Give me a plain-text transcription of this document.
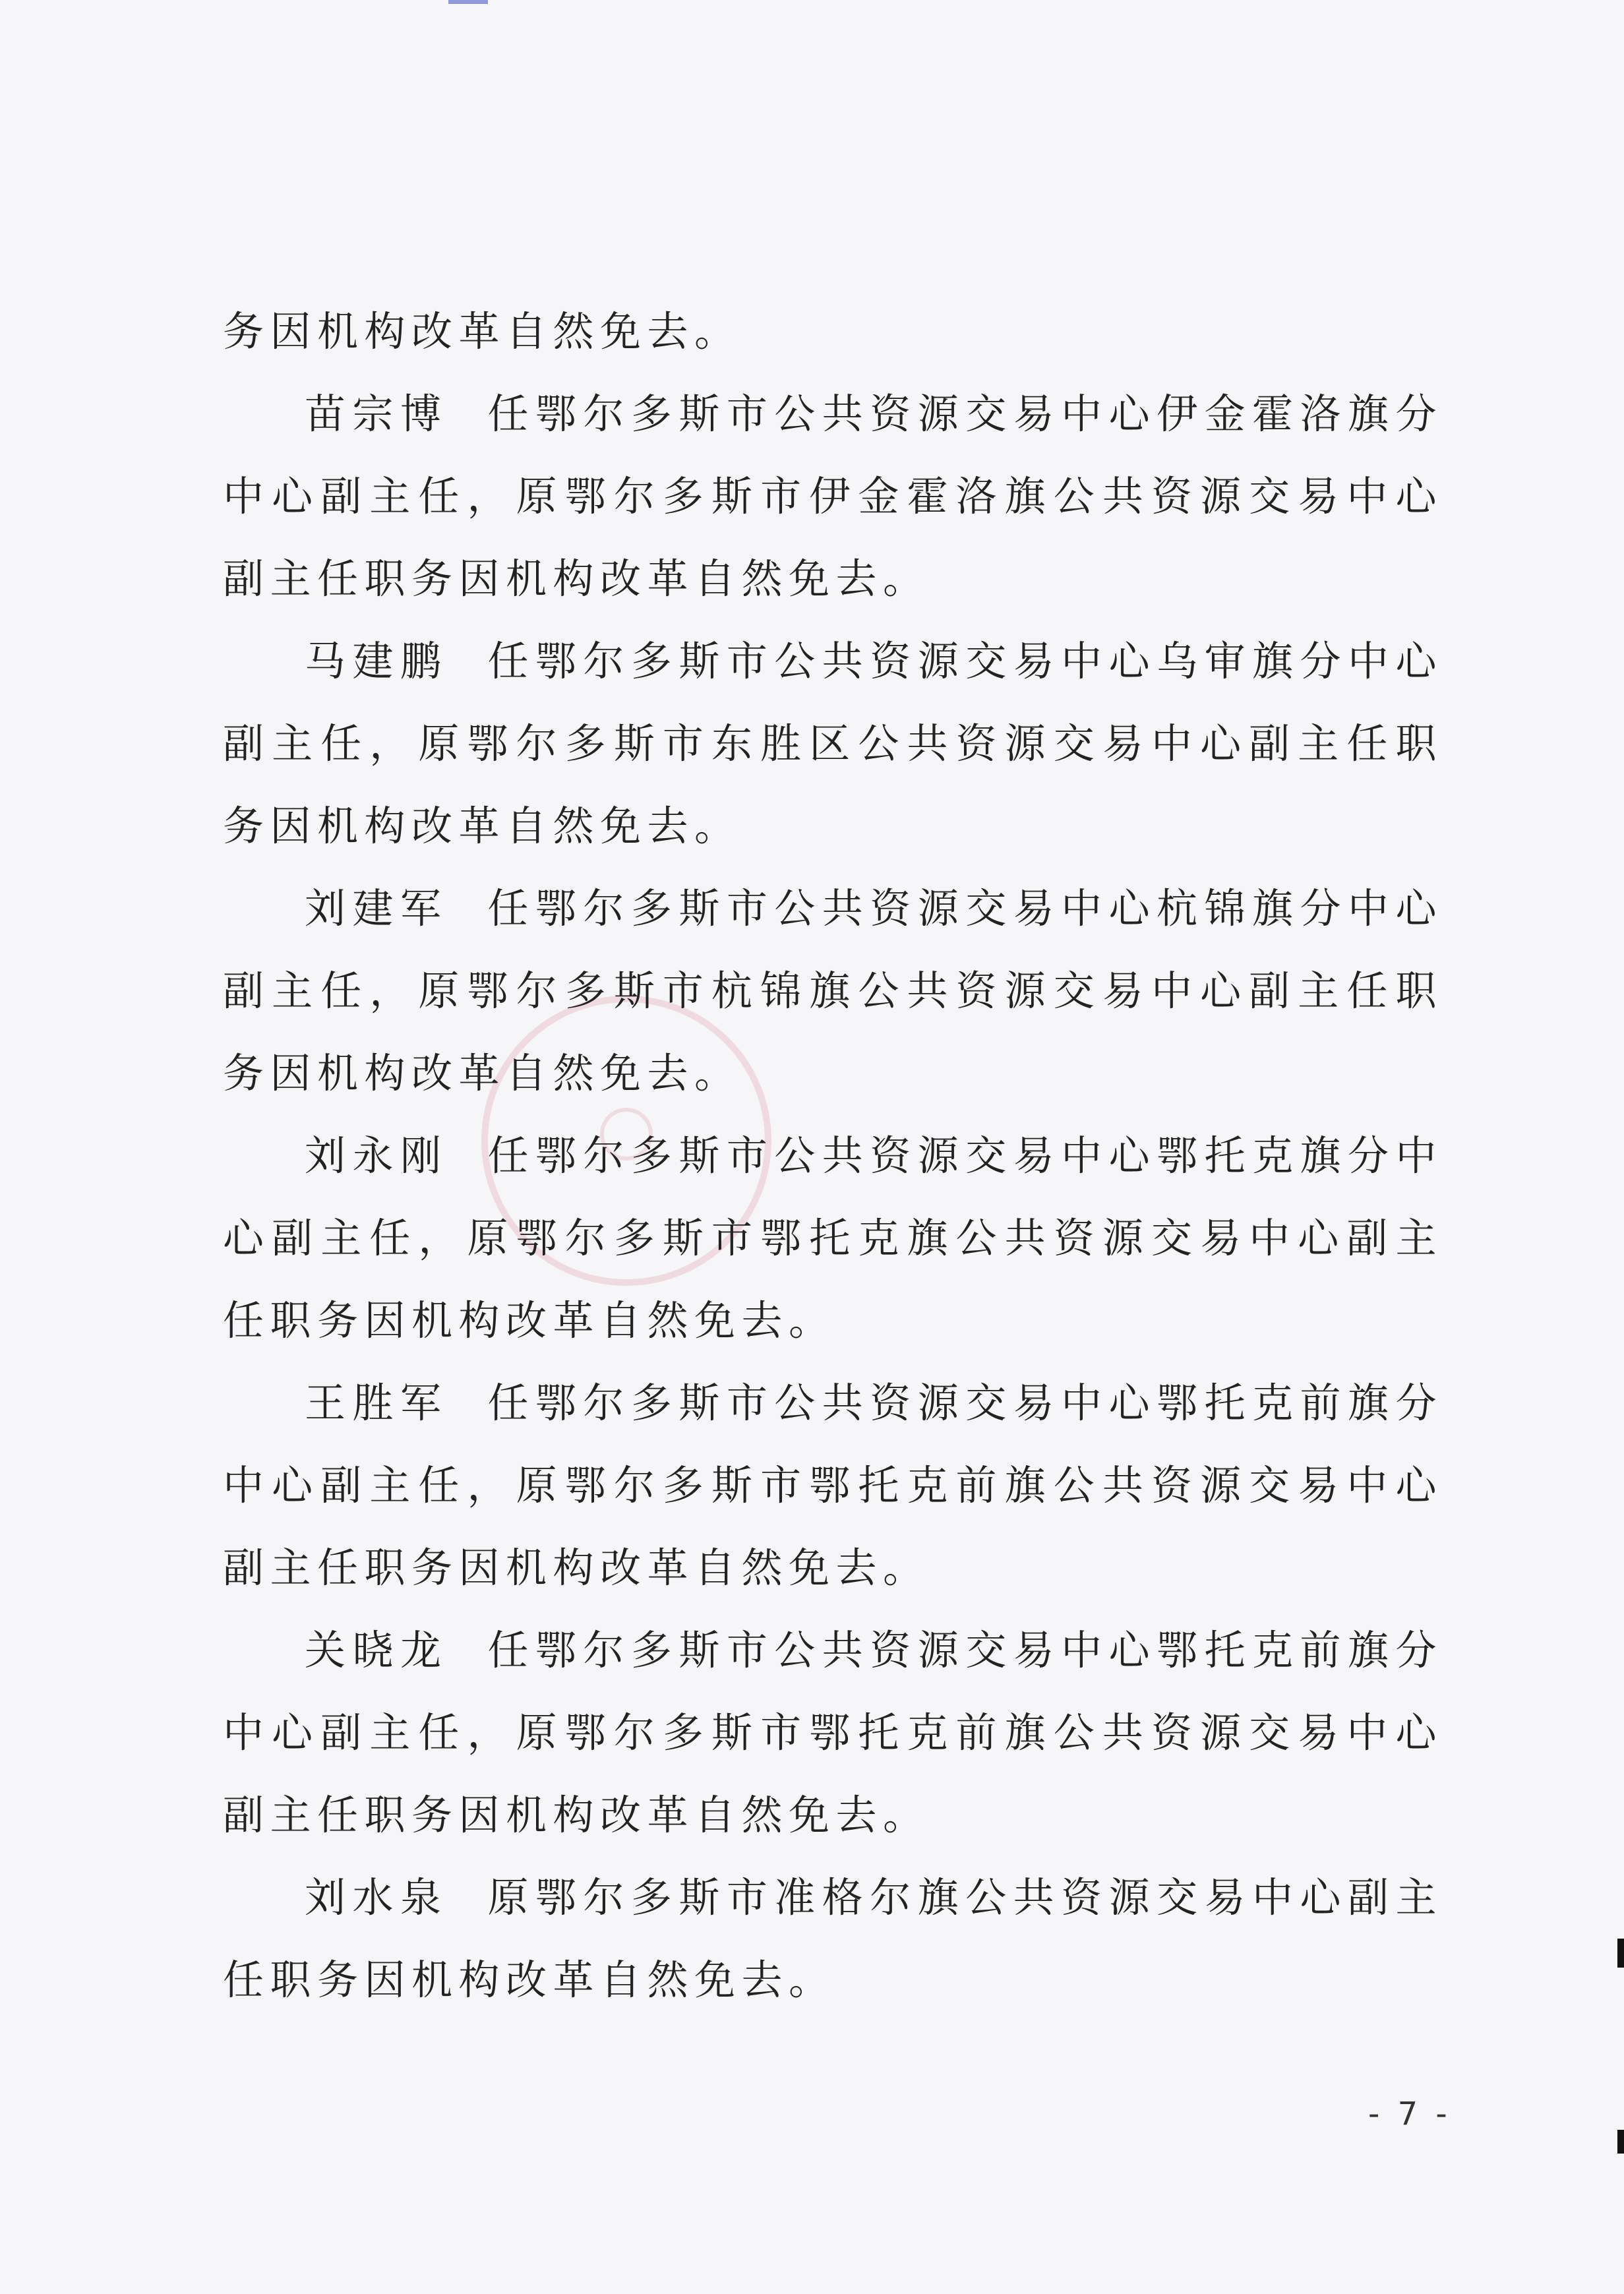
务因机构改革自然免去。

苗宗博 任鄂尔多斯市公共资源交易中心伊金霍洛旗分中心副主任，原鄂尔多斯市伊金霍洛旗公共资源交易中心副主任职务因机构改革自然免去。

马建鹏 任鄂尔多斯市公共资源交易中心乌审旗分中心副主任，原鄂尔多斯市东胜区公共资源交易中心副主任职务因机构改革自然免去。

刘建军 任鄂尔多斯市公共资源交易中心杭锦旗分中心副主任，原鄂尔多斯市杭锦旗公共资源交易中心副主任职务因机构改革自然免去。

刘永刚 任鄂尔多斯市公共资源交易中心鄂托克旗分中心副主任，原鄂尔多斯市鄂托克旗公共资源交易中心副主任职务因机构改革自然免去。

王胜军 任鄂尔多斯市公共资源交易中心鄂托克前旗分中心副主任，原鄂尔多斯市鄂托克前旗公共资源交易中心副主任职务因机构改革自然免去。

关晓龙 任鄂尔多斯市公共资源交易中心鄂托克前旗分中心副主任，原鄂尔多斯市鄂托克前旗公共资源交易中心副主任职务因机构改革自然免去。

刘水泉 原鄂尔多斯市准格尔旗公共资源交易中心副主任职务因机构改革自然免去。

- 7 -
